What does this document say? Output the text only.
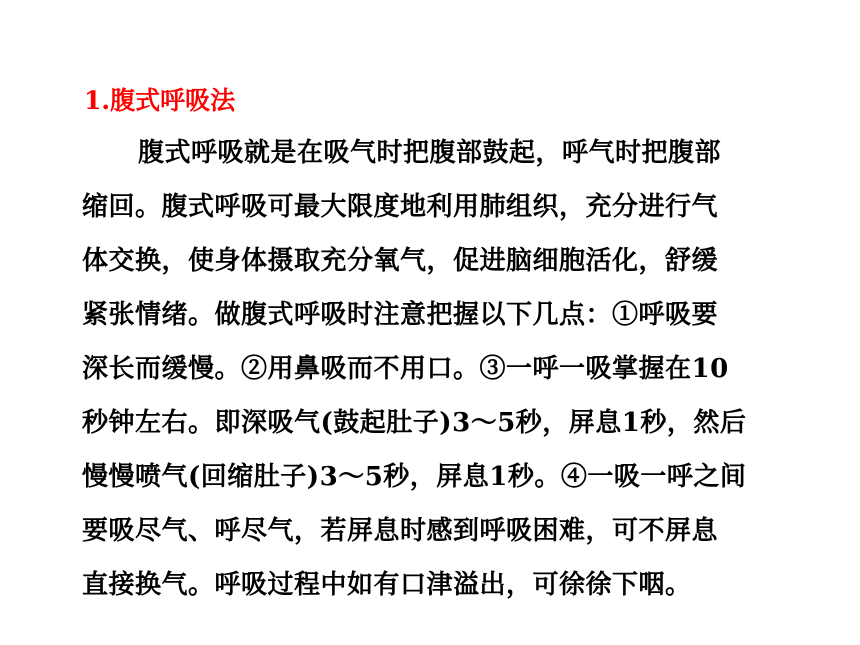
1.腹式呼吸法
腹式呼吸就是在吸气时把腹部鼓起，呼气时把腹部
缩回。腹式呼吸可最大限度地利用肺组织，充分进行气
体交换，使身体摄取充分氧气，促进脑细胞活化，舒缓
紧张情绪。做腹式呼吸时注意把握以下几点：①呼吸要
深长而缓慢。②用鼻吸而不用口。③一呼一吸掌握在10
秒钟左右。即深吸气(鼓起肚子)3～5秒，屏息1秒，然后
慢慢喷气(回缩肚子)3～5秒，屏息1秒。④一吸一呼之间
要吸尽气、呼尽气，若屏息时感到呼吸困难，可不屏息
直接换气。呼吸过程中如有口津溢出，可徐徐下咽。
